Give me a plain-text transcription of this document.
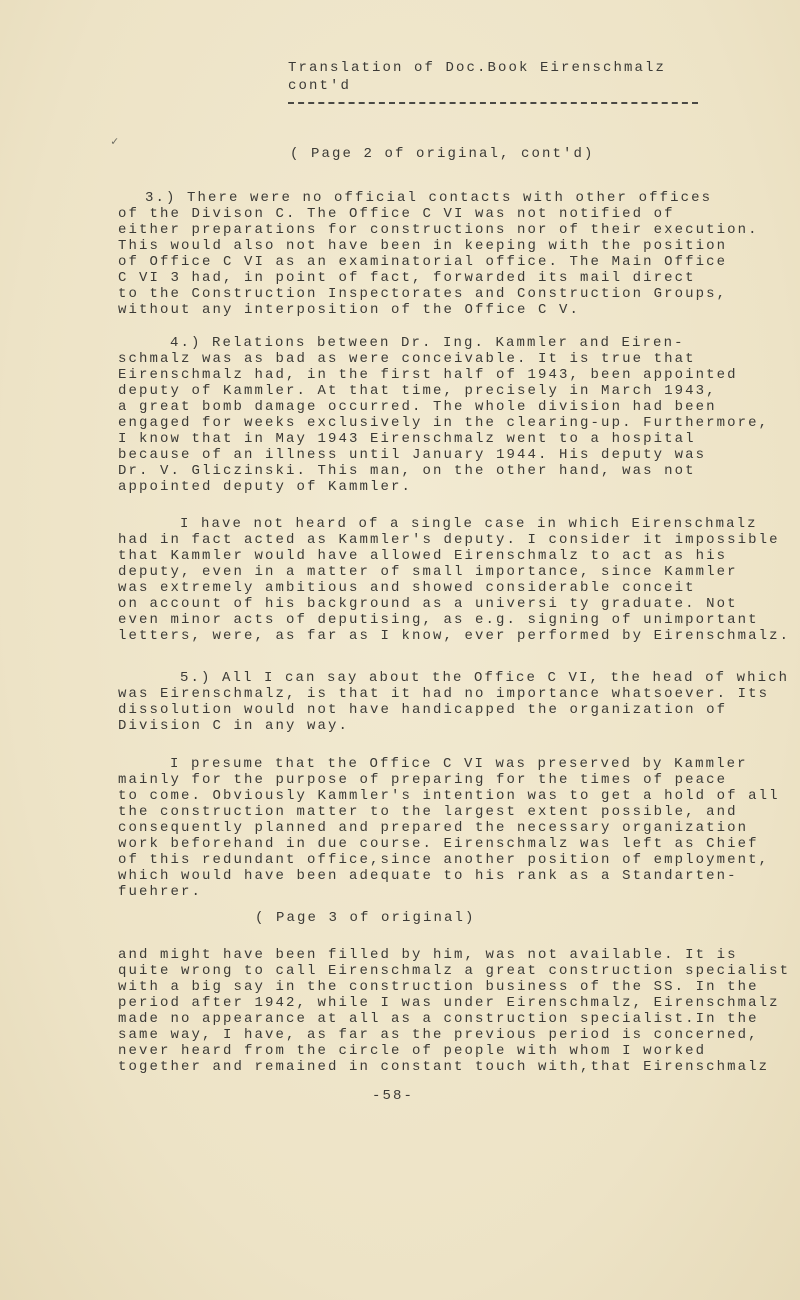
Translation of Doc.Book Eirenschmalz
cont'd
✓
( Page 2 of original, cont'd)
3.) There were no official contacts with other offices
of the Divison C. The Office C VI was not notified of
either preparations for constructions nor of their execution.
This would also not have been in keeping with the position
of Office C VI as an examinatorial office. The Main Office
C VI 3 had, in point of fact, forwarded its mail direct
to the Construction Inspectorates and Construction Groups,
without any interposition of the Office C V.
4.) Relations between Dr. Ing. Kammler and Eiren-
schmalz was as bad as were conceivable. It is true that
Eirenschmalz had, in the first half of 1943, been appointed
deputy of Kammler. At that time, precisely in March 1943,
a great bomb damage occurred. The whole division had been
engaged for weeks exclusively in the clearing-up. Furthermore,
I know that in May 1943 Eirenschmalz went to a hospital
because of an illness until January 1944. His deputy was
Dr. V. Gliczinski. This man, on the other hand, was not
appointed deputy of Kammler.
I have not heard of a single case in which Eirenschmalz
had in fact acted as Kammler's deputy. I consider it impossible
that Kammler would have allowed Eirenschmalz to act as his
deputy, even in a matter of small importance, since Kammler
was extremely ambitious and showed considerable conceit
on account of his background as a universi ty graduate. Not
even minor acts of deputising, as e.g. signing of unimportant
letters, were, as far as I know, ever performed by Eirenschmalz.
5.) All I can say about the Office C VI, the head of which
was Eirenschmalz, is that it had no importance whatsoever. Its
dissolution would not have handicapped the organization of
Division C in any way.
I presume that the Office C VI was preserved by Kammler
mainly for the purpose of preparing for the times of peace
to come. Obviously Kammler's intention was to get a hold of all
the construction matter to the largest extent possible, and
consequently planned and prepared the necessary organization
work beforehand in due course. Eirenschmalz was left as Chief
of this redundant office,since another position of employment,
which would have been adequate to his rank as a Standarten-
fuehrer.
( Page 3 of original)
and might have been filled by him, was not available. It is
quite wrong to call Eirenschmalz a great construction specialist
with a big say in the construction business of the SS. In the
period after 1942, while I was under Eirenschmalz, Eirenschmalz
made no appearance at all as a construction specialist.In the
same way, I have, as far as the previous period is concerned,
never heard from the circle of people with whom I worked
together and remained in constant touch with,that Eirenschmalz
-58-
